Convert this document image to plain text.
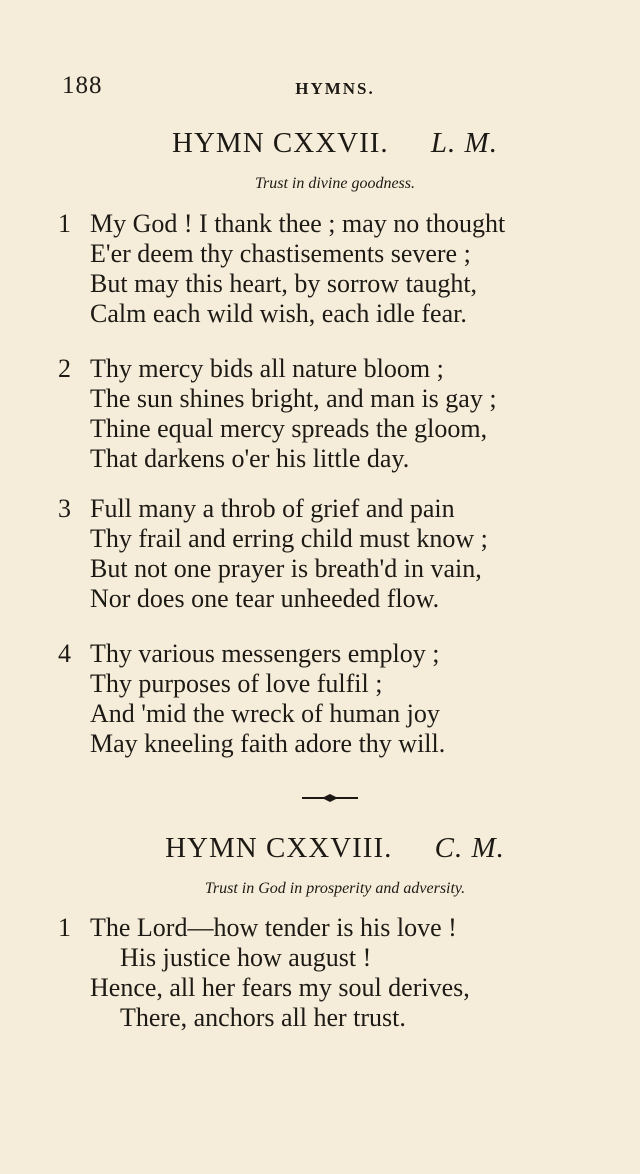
188	HYMNS.
HYMN CXXVII. L. M.
Trust in divine goodness.
1 My God ! I thank thee ; may no thought
E'er deem thy chastisements severe ;
But may this heart, by sorrow taught,
Calm each wild wish, each idle fear.
2 Thy mercy bids all nature bloom ;
The sun shines bright, and man is gay ;
Thine equal mercy spreads the gloom,
That darkens o'er his little day.
3 Full many a throb of grief and pain
Thy frail and erring child must know ;
But not one prayer is breath'd in vain,
Nor does one tear unheeded flow.
4 Thy various messengers employ ;
Thy purposes of love fulfil ;
And 'mid the wreck of human joy
May kneeling faith adore thy will.
HYMN CXXVIII. C. M.
Trust in God in prosperity and adversity.
1 The Lord—how tender is his love !
His justice how august !
Hence, all her fears my soul derives,
There, anchors all her trust.
